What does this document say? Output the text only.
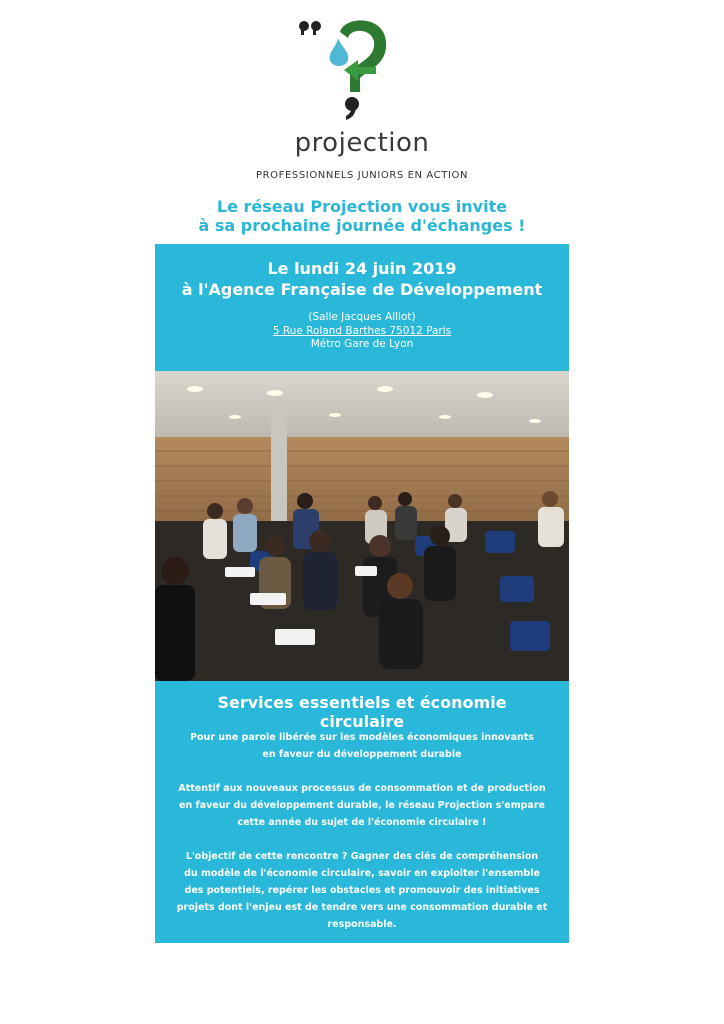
projection
PROFESSIONNELS JUNIORS EN ACTION
Le réseau Projection vous invite
à sa prochaine journée d'échanges !
Le lundi 24 juin 2019
à l'Agence Française de Développement
(Salle Jacques Alliot)
5 Rue Roland Barthes 75012 Paris
Métro Gare de Lyon
Services essentiels et économie
circulaire
Pour une parole libérée sur les modèles économiques innovants
en faveur du développement durable
Attentif aux nouveaux processus de consommation et de production
en faveur du développement durable, le réseau Projection s'empare
cette année du sujet de l'économie circulaire !
L'objectif de cette rencontre ? Gagner des clés de compréhension
du modèle de l'économie circulaire, savoir en exploiter l'ensemble
des potentiels, repérer les obstacles et promouvoir des initiatives
projets dont l'enjeu est de tendre vers une consommation durable et
responsable.
